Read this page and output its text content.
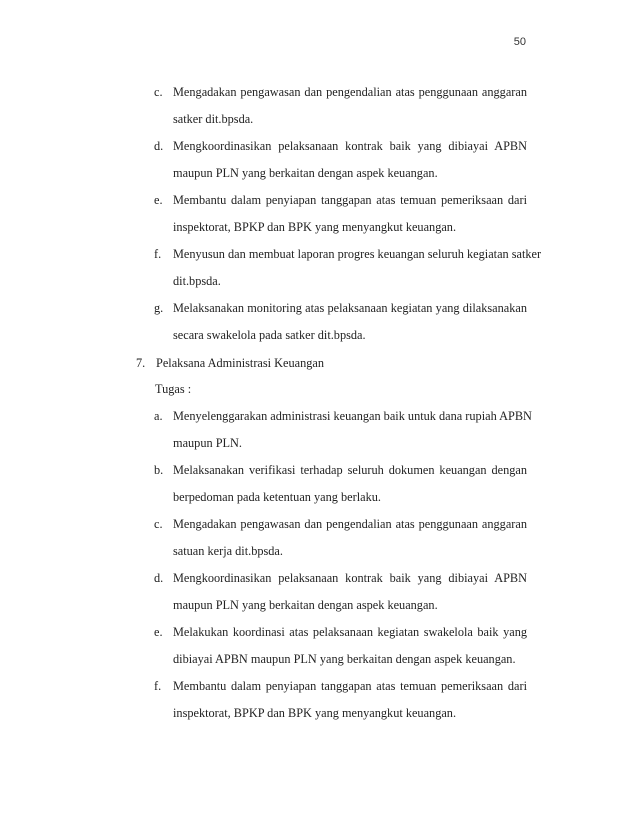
50
c. Mengadakan pengawasan dan pengendalian atas penggunaan anggaran
satker dit.bpsda.
d. Mengkoordinasikan pelaksanaan kontrak baik yang dibiayai APBN
maupun PLN yang berkaitan dengan aspek keuangan.
e. Membantu dalam penyiapan tanggapan atas temuan pemeriksaan dari
inspektorat, BPKP dan BPK yang menyangkut keuangan.
f. Menyusun dan membuat laporan progres keuangan seluruh kegiatan satker
dit.bpsda.
g. Melaksanakan monitoring atas pelaksanaan kegiatan yang dilaksanakan
secara swakelola pada satker dit.bpsda.
7. Pelaksana Administrasi Keuangan
Tugas :
a. Menyelenggarakan administrasi keuangan baik untuk dana rupiah APBN
maupun PLN.
b. Melaksanakan verifikasi terhadap seluruh dokumen keuangan dengan
berpedoman pada ketentuan yang berlaku.
c. Mengadakan pengawasan dan pengendalian atas penggunaan anggaran
satuan kerja dit.bpsda.
d. Mengkoordinasikan pelaksanaan kontrak baik yang dibiayai APBN
maupun PLN yang berkaitan dengan aspek keuangan.
e. Melakukan koordinasi atas pelaksanaan kegiatan swakelola baik yang
dibiayai APBN maupun PLN yang berkaitan dengan aspek keuangan.
f. Membantu dalam penyiapan tanggapan atas temuan pemeriksaan dari
inspektorat, BPKP dan BPK yang menyangkut keuangan.
